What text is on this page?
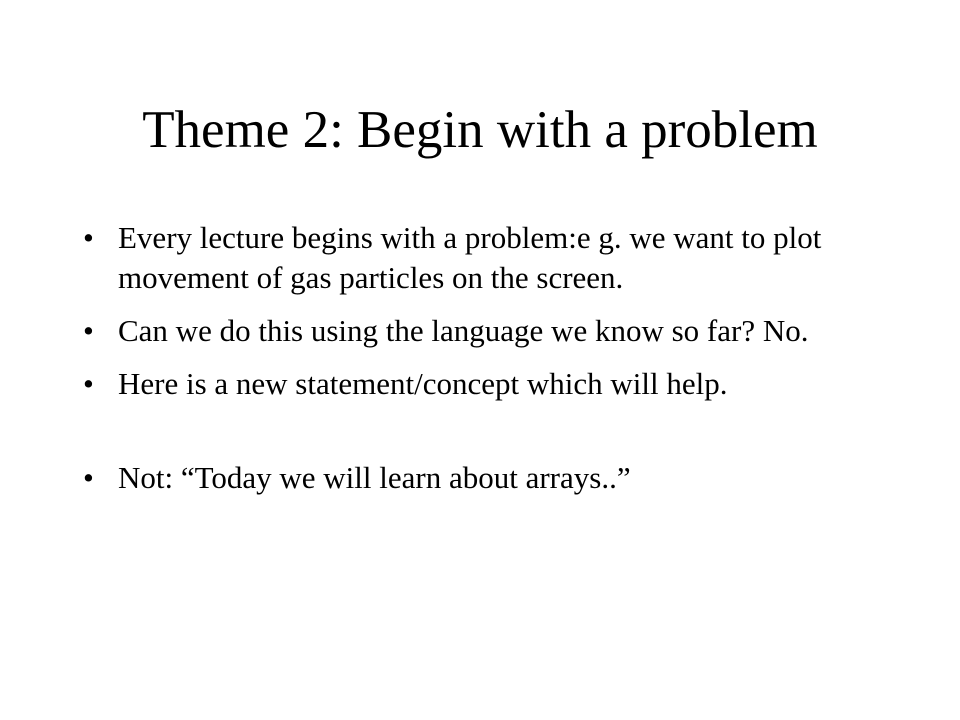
Theme 2: Begin with a problem
• Every lecture begins with a problem:e g. we want to plot movement of gas particles on the screen.
• Can we do this using the language we know so far? No.
• Here is a new statement/concept which will help.
• Not: “Today we will learn about arrays..”
